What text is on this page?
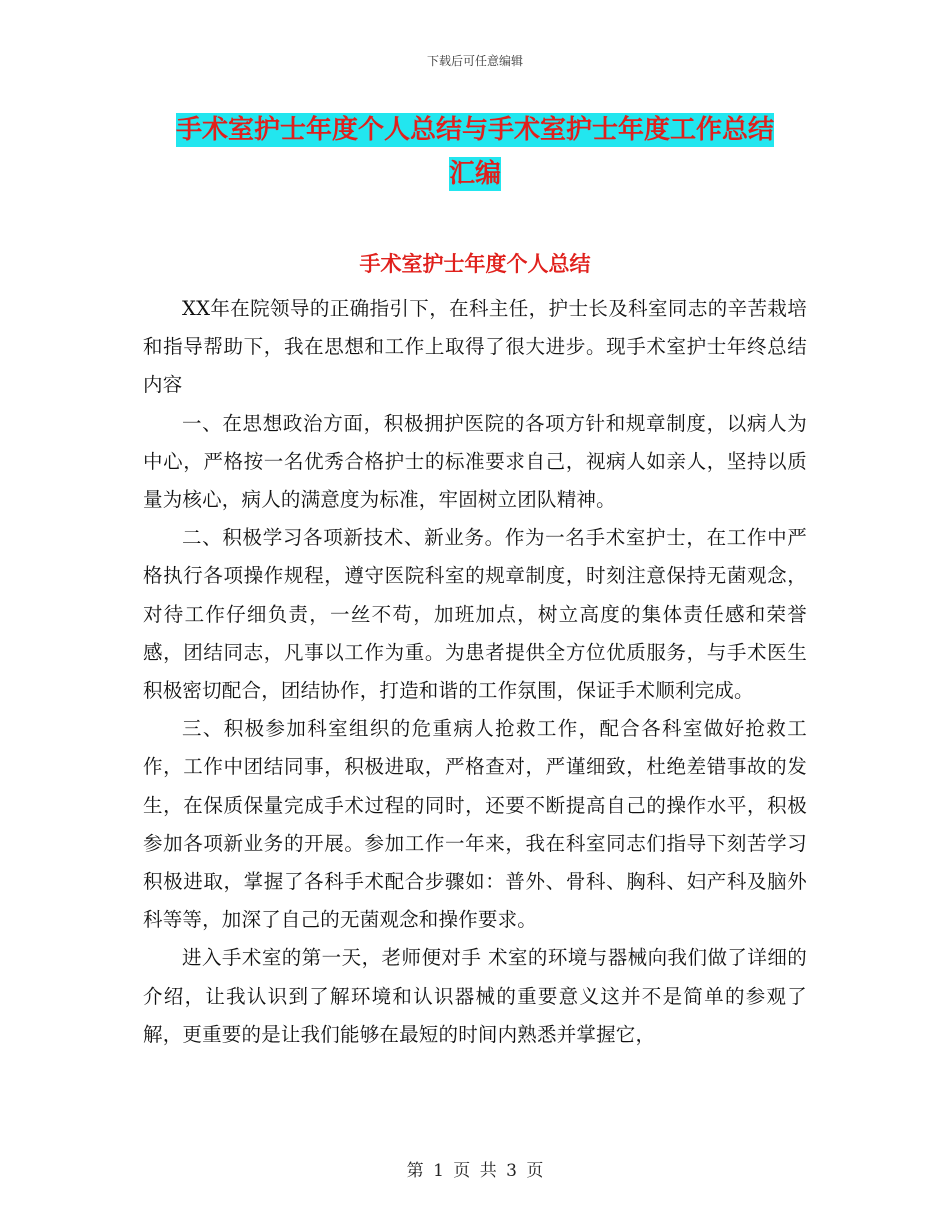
下载后可任意编辑
手术室护士年度个人总结与手术室护士年度工作总结
汇编
手术室护士年度个人总结

XX年在院领导的正确指引下，在科主任，护士长及科室同志的辛苦栽培和指导帮助下，我在思想和工作上取得了很大进步。现手术室护士年终总结内容

一、在思想政治方面，积极拥护医院的各项方针和规章制度，以病人为中心，严格按一名优秀合格护士的标准要求自己，视病人如亲人，坚持以质量为核心，病人的满意度为标准，牢固树立团队精神。

二、积极学习各项新技术、新业务。作为一名手术室护士，在工作中严格执行各项操作规程，遵守医院科室的规章制度，时刻注意保持无菌观念，对待工作仔细负责，一丝不苟，加班加点，树立高度的集体责任感和荣誉感，团结同志，凡事以工作为重。为患者提供全方位优质服务，与手术医生积极密切配合，团结协作，打造和谐的工作氛围，保证手术顺利完成。

三、积极参加科室组织的危重病人抢救工作，配合各科室做好抢救工作，工作中团结同事，积极进取，严格查对，严谨细致，杜绝差错事故的发生，在保质保量完成手术过程的同时，还要不断提高自己的操作水平，积极参加各项新业务的开展。参加工作一年来，我在科室同志们指导下刻苦学习积极进取，掌握了各科手术配合步骤如：普外、骨科、胸科、妇产科及脑外科等等，加深了自己的无菌观念和操作要求。

进入手术室的第一天，老师便对手 术室的环境与器械向我们做了详细的介绍，让我认识到了解环境和认识器械的重要意义这并不是简单的参观了解，更重要的是让我们能够在最短的时间内熟悉并掌握它，

第 1 页 共 3 页
